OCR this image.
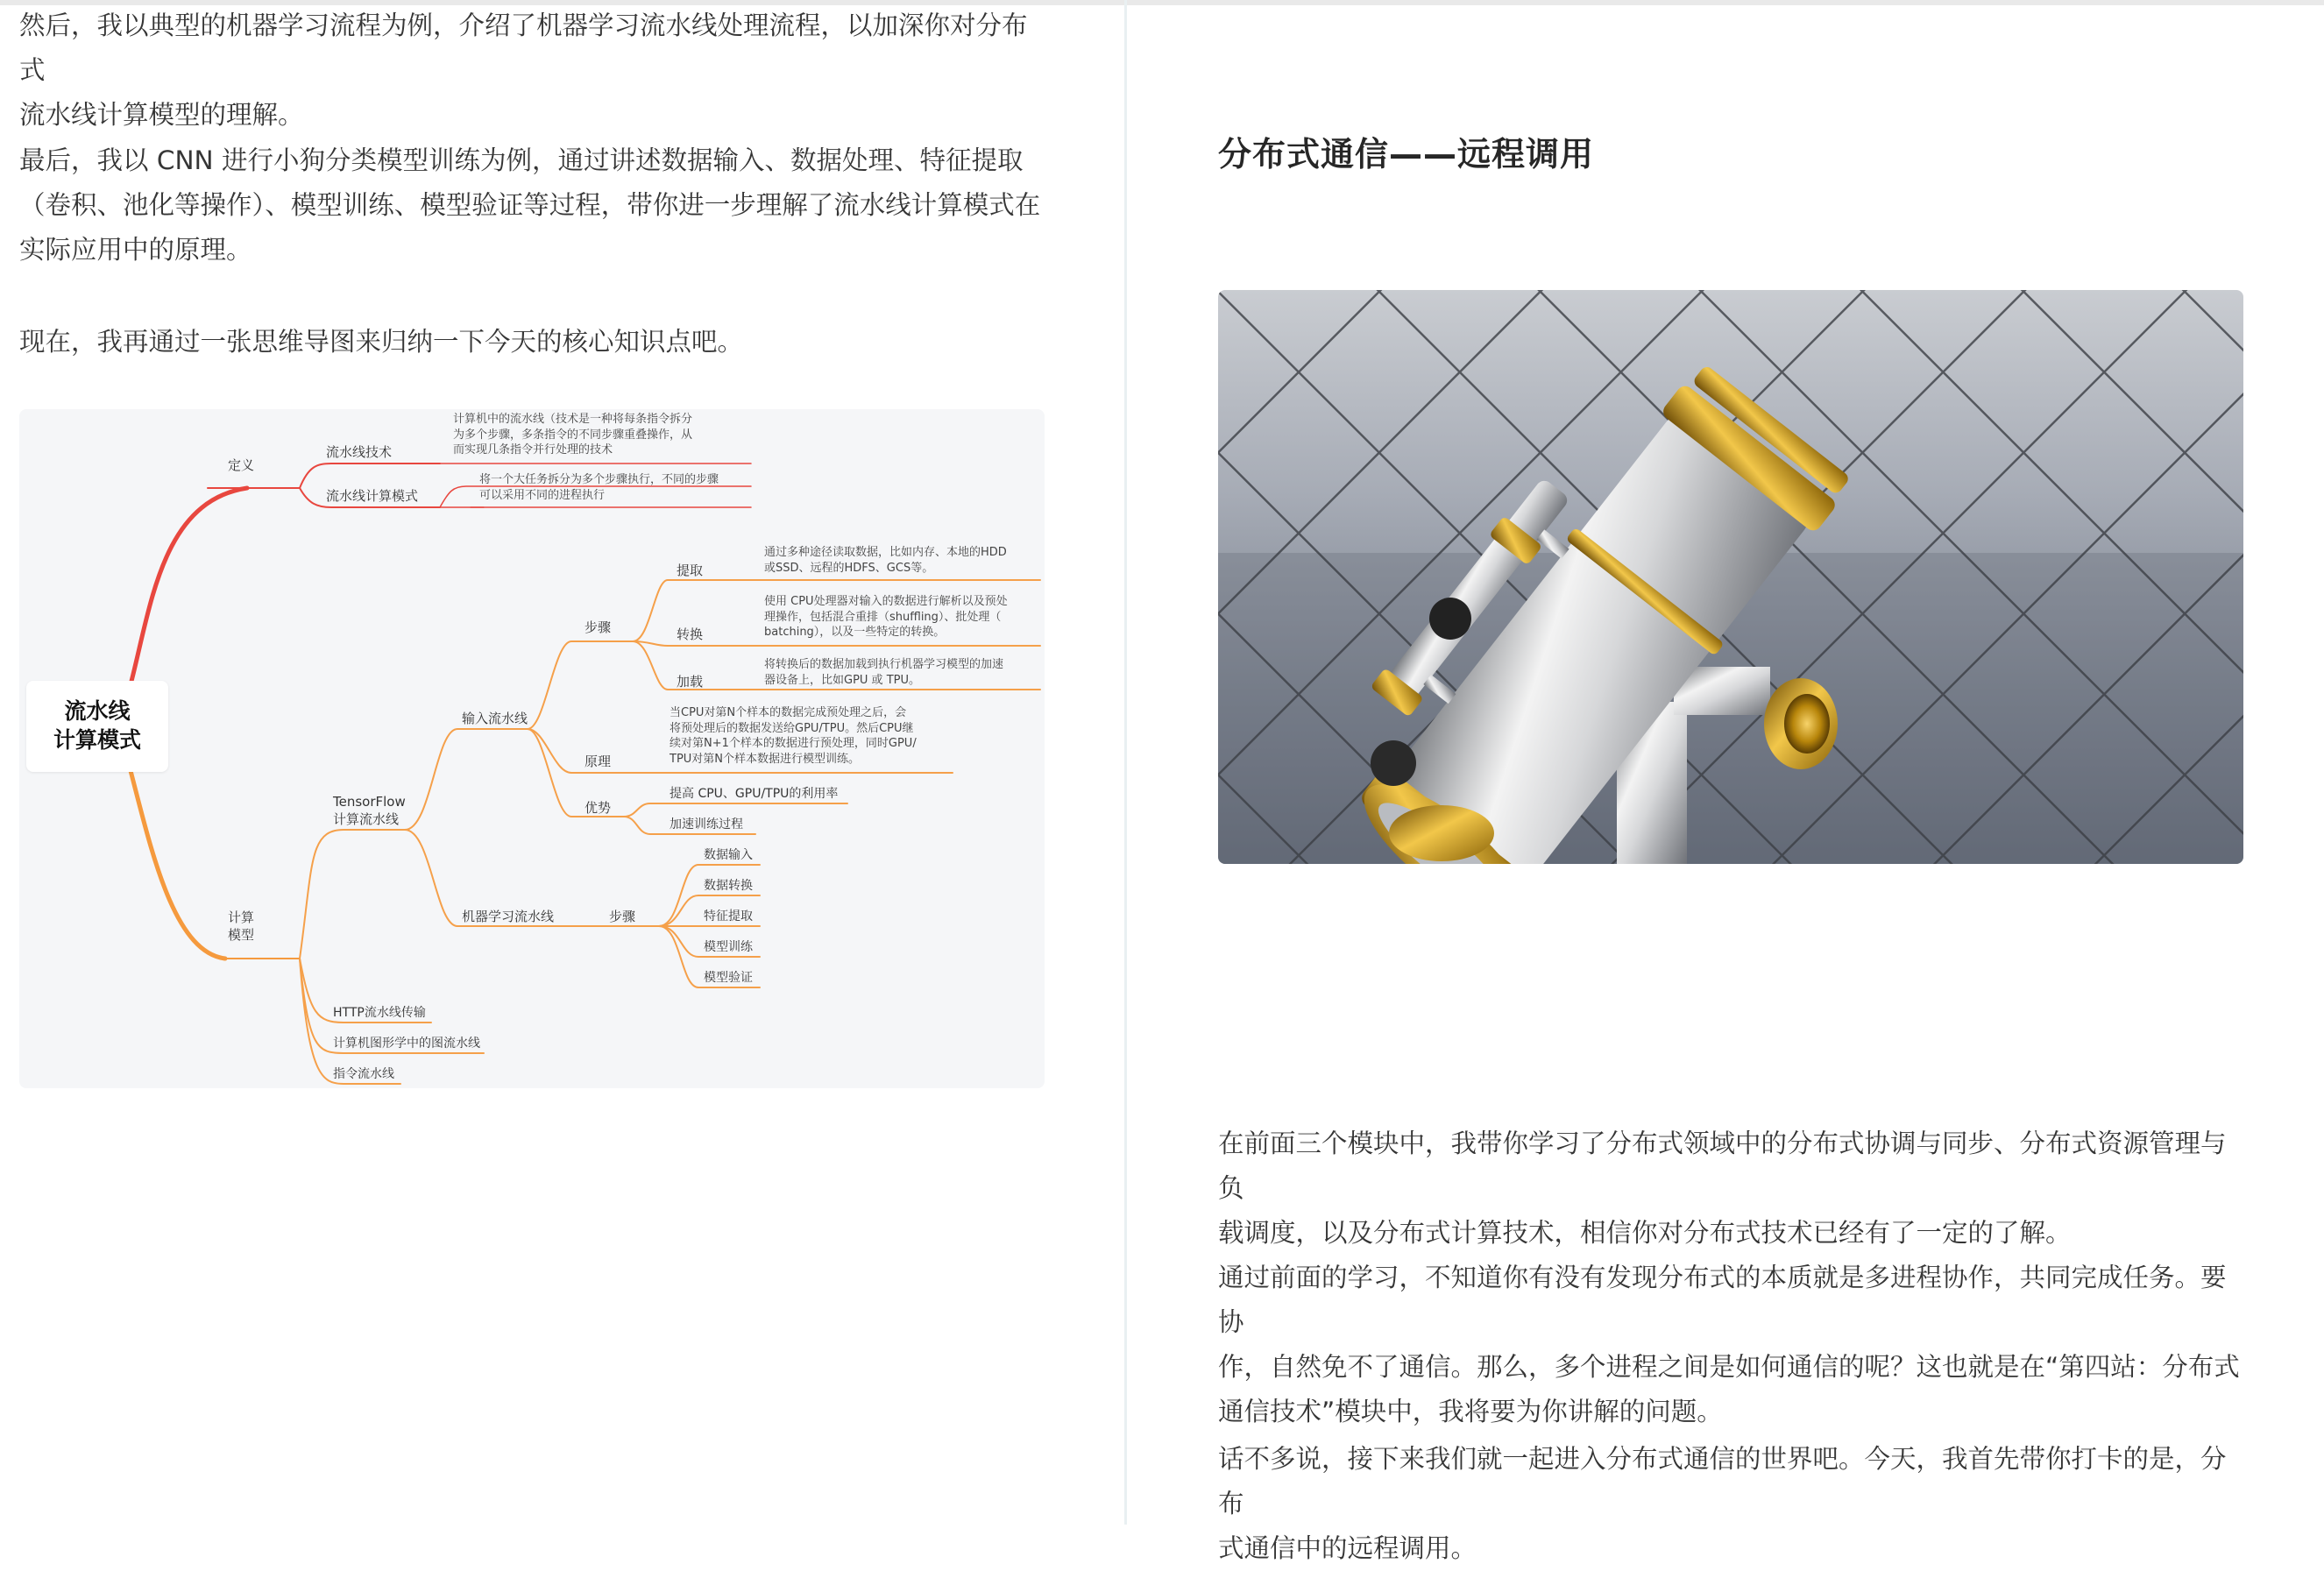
然后，我以典型的机器学习流程为例，介绍了机器学习流水线处理流程，以加深你对分布式
流水线计算模型的理解。

最后，我以 CNN 进行小狗分类模型训练为例，通过讲述数据输入、数据处理、特征提取
（卷积、池化等操作）、模型训练、模型验证等过程，带你进一步理解了流水线计算模式在
实际应用中的原理。

现在，我再通过一张思维导图来归纳一下今天的核心知识点吧。

流水线
计算模式
定义
流水线技术
计算机中的流水线（技术是一种将每条指令拆分
为多个步骤，多条指令的不同步骤重叠操作，从
而实现几条指令并行处理的技术
流水线计算模式
将一个大任务拆分为多个步骤执行，不同的步骤
可以采用不同的进程执行
计算
模型
TensorFlow
计算流水线
输入流水线
步骤
提取
通过多种途径读取数据，比如内存、本地的HDD
或SSD、远程的HDFS、GCS等。
转换
使用 CPU处理器对输入的数据进行解析以及预处
理操作，包括混合重排（shuffling）、批处理（
batching），以及一些特定的转换。
加载
将转换后的数据加载到执行机器学习模型的加速
器设备上，比如GPU 或 TPU。
原理
当CPU对第N个样本的数据完成预处理之后，会
将预处理后的数据发送给GPU/TPU。然后CPU继
续对第N+1个样本的数据进行预处理，同时GPU/
TPU对第N个样本数据进行模型训练。
优势
提高 CPU、GPU/TPU的利用率
加速训练过程
机器学习流水线	步骤
数据输入
数据转换
特征提取
模型训练
模型验证
HTTP流水线传输
计算机图形学中的图流水线
指令流水线
分布式通信——远程调用

在前面三个模块中，我带你学习了分布式领域中的分布式协调与同步、分布式资源管理与负
载调度，以及分布式计算技术，相信你对分布式技术已经有了一定的了解。

通过前面的学习，不知道你有没有发现分布式的本质就是多进程协作，共同完成任务。要协
作，自然免不了通信。那么，多个进程之间是如何通信的呢？这也就是在“第四站：分布式
通信技术”模块中，我将要为你讲解的问题。

话不多说，接下来我们就一起进入分布式通信的世界吧。今天，我首先带你打卡的是，分布
式通信中的远程调用。
